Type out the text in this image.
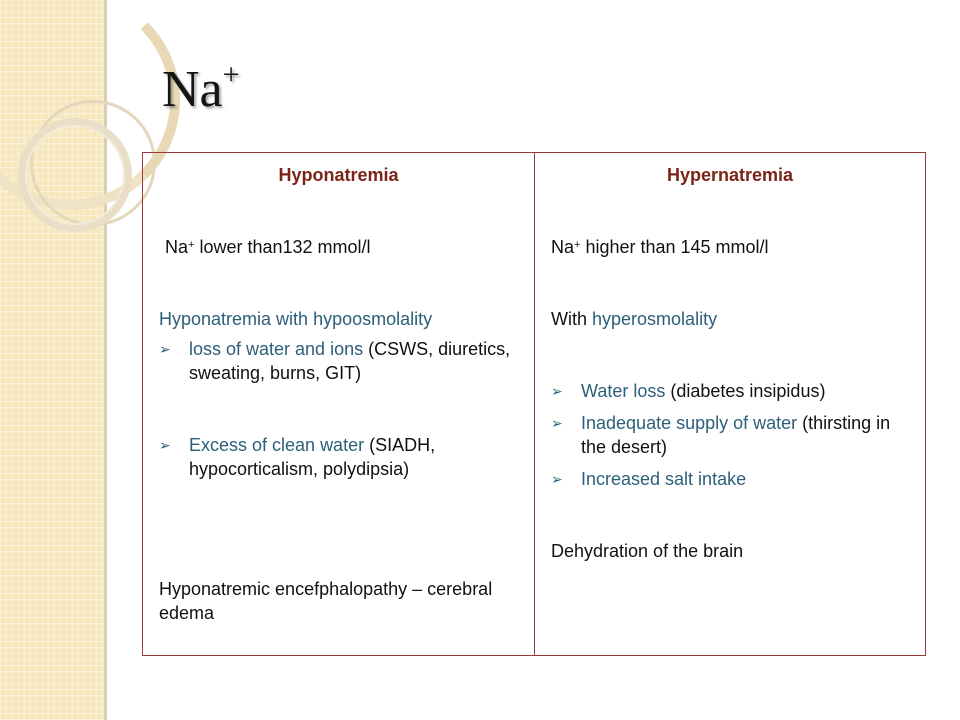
Na+
Hyponatremia

Na+ lower than132 mmol/l

Hyponatremia with hypoosmolality

➢ loss of water and ions (CSWS, diuretics, sweating, burns, GIT)

➢ Excess of clean water (SIADH, hypocorticalism, polydipsia)

Hyponatremic encefphalopathy – cerebral edema

Hypernatremia

Na+ higher than 145 mmol/l

With hyperosmolality

➢ Water loss (diabetes insipidus)

➢ Inadequate supply of water (thirsting in the desert)

➢ Increased salt intake

Dehydration of the brain
